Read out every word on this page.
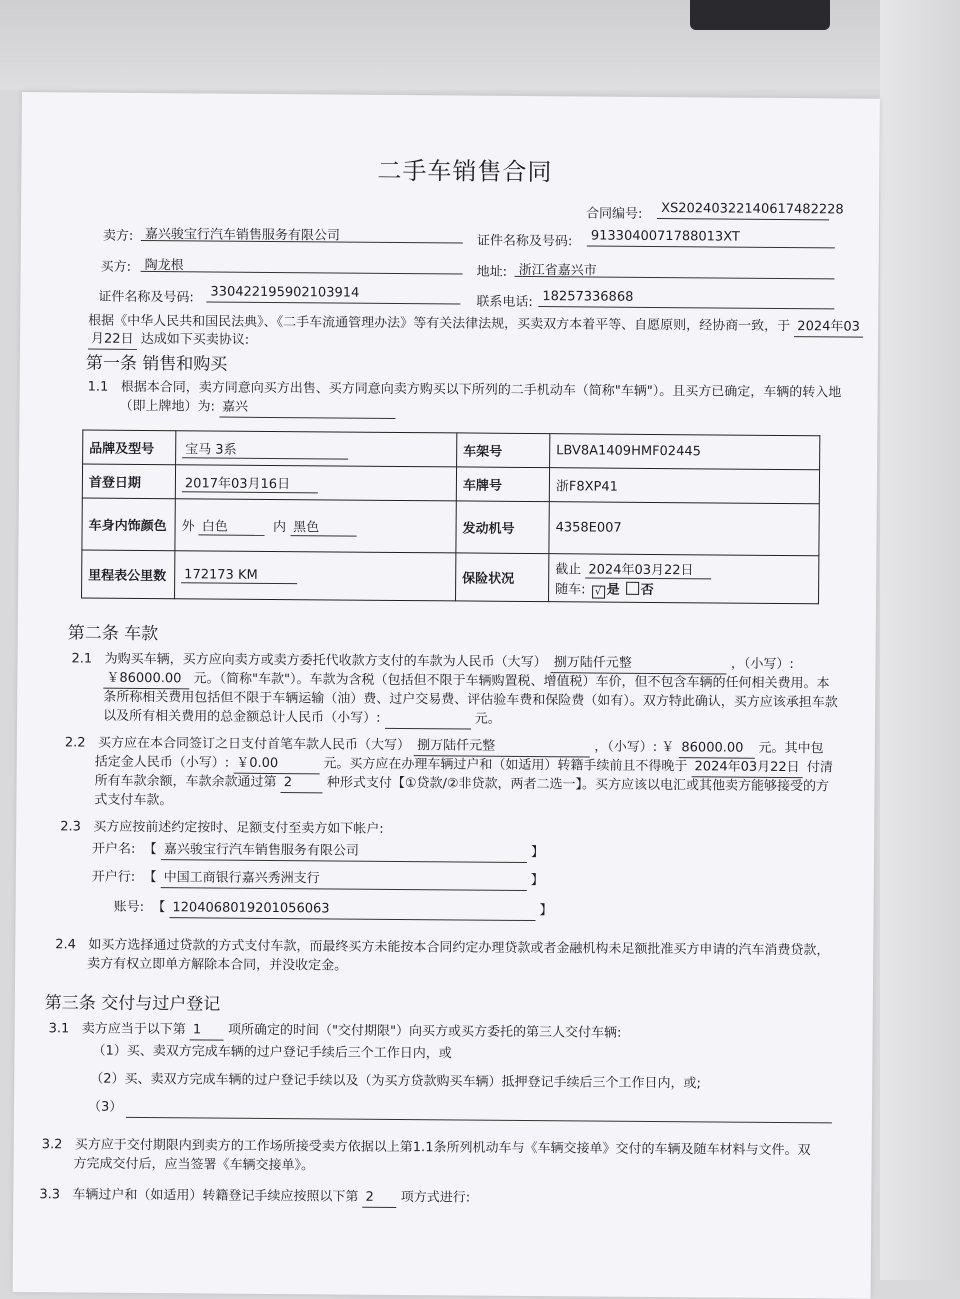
二手车销售合同
合同编号:	XS20240322140617482228
卖方: 嘉兴骏宝行汽车销售服务有限公司	证件名称及号码:	9133040071788013XT
买方:	陶龙根	地址: 浙江省嘉兴市
证件名称及号码:	330422195902103914
联系电话: 18257336868
根据《中华人民共和国民法典》、《二手车流通管理办法》等有关法律法规，买卖双方本着平等、自愿原则，经协商一致，于 2024年03
月22日 达成如下买卖协议:
第一条 销售和购买
1.1 根据本合同，卖方同意向买方出售、买方同意向卖方购买以下所列的二手机动车（简称"车辆"）。且买方已确定，车辆的转入地
（即上牌地）为: 嘉兴
品牌及型号	宝马 3系	车架号	LBV8A1409HMF02445
首登日期	2017年03月16日	车牌号	浙F8XP41
车身内饰颜色	外 白色 内 黑色	发动机号	4358E007
里程表公里数	172173 KM	保险状况	截止 2024年03月22日
随车: √ 是 否
第二条 车款
2.1 为购买车辆，买方应向卖方或卖方委托代收款方支付的车款为人民币（大写） 捌万陆仟元整	，（小写）:
￥86000.00 元。（简称"车款"）。车款为含税（包括但不限于车辆购置税、增值税）车价，但不包含车辆的任何相关费用。本
条所称相关费用包括但不限于车辆运输（油）费、过户交易费、评估验车费和保险费（如有）。双方特此确认，买方应该承担车款
以及所有相关费用的总金额总计人民币（小写）:	元。
2.2 买方应在本合同签订之日支付首笔车款人民币（大写） 捌万陆仟元整	，（小写）: ￥ 86000.00 元。其中包
括定金人民币（小写）: ￥0.00	元。买方应在办理车辆过户和（如适用）转籍手续前且不得晚于 2024年03月22日 付清
所有车款余额，车款余款通过第 2	种形式支付【①贷款/②非贷款，两者二选一】。买方应该以电汇或其他卖方能够接受的方
式支付车款。
2.3 买方应按前述约定按时、足额支付至卖方如下帐户:
开户名: 【 嘉兴骏宝行汽车销售服务有限公司	】
开户行: 【 中国工商银行嘉兴秀洲支行	】
账号: 【 1204068019201056063	】
2.4 如买方选择通过贷款的方式支付车款，而最终买方未能按本合同约定办理贷款或者金融机构未足额批准买方申请的汽车消费贷款，
卖方有权立即单方解除本合同，并没收定金。
第三条 交付与过户登记
3.1 卖方应当于以下第 1 项所确定的时间（"交付期限"）向买方或买方委托的第三人交付车辆:
（1）买、卖双方完成车辆的过户登记手续后三个工作日内，或
（2）买、卖双方完成车辆的过户登记手续以及（为买方贷款购买车辆）抵押登记手续后三个工作日内，或;
（3）
3.2 买方应于交付期限内到卖方的工作场所接受卖方依据以上第1.1条所列机动车与《车辆交接单》交付的车辆及随车材料与文件。双
方完成交付后，应当签署《车辆交接单》。
3.3 车辆过户和（如适用）转籍登记手续应按照以下第 2 项方式进行:
